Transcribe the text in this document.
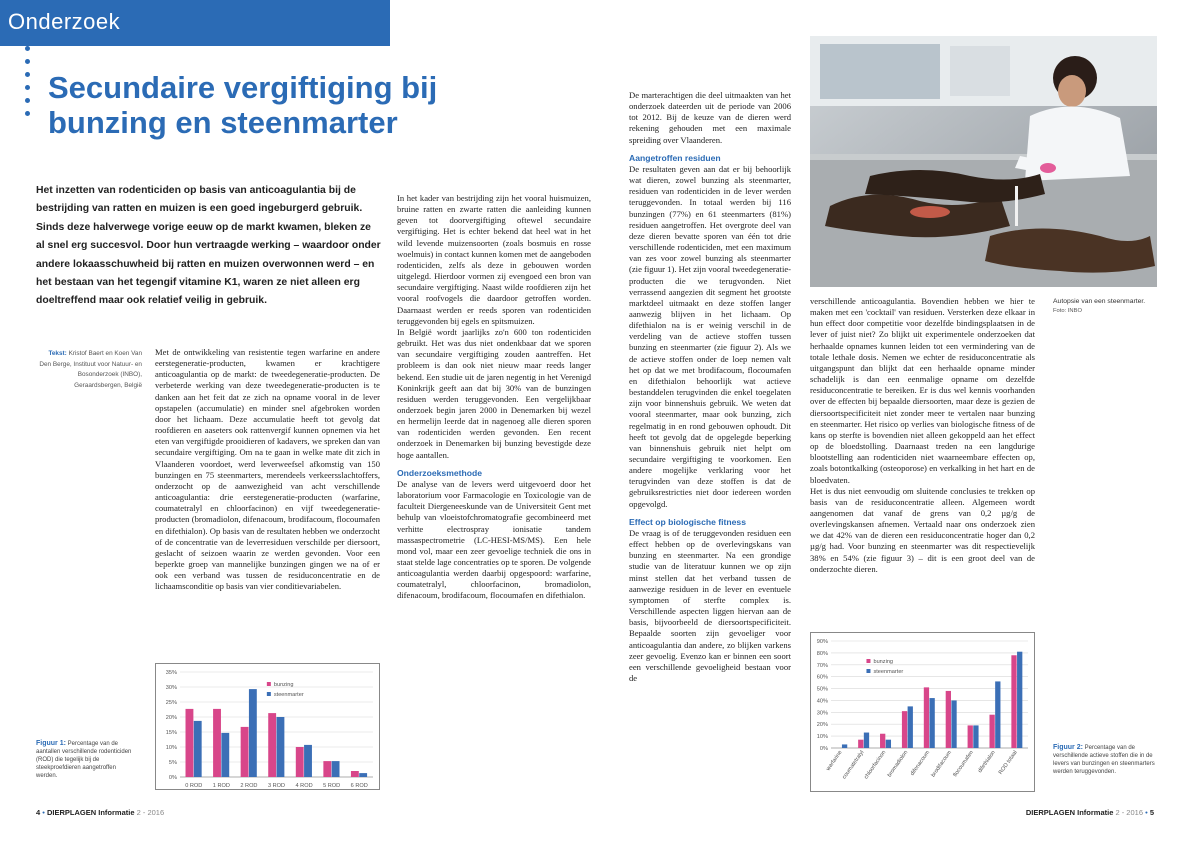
Onderzoek
Secundaire vergiftiging bij
bunzing en steenmarter

Het inzetten van rodenticiden op basis van anticoagulantia bij de bestrijding van ratten en muizen is een goed ingeburgerd gebruik. Sinds deze halverwege vorige eeuw op de markt kwamen, bleken ze al snel erg succesvol. Door hun vertraagde werking – waardoor onder andere lokaasschuwheid bij ratten en muizen overwonnen werd – en het bestaan van het tegengif vitamine K1, waren ze niet alleen erg doeltreffend maar ook relatief veilig in gebruik.

Tekst: Kristof Baert en Koen Van Den Berge, Instituut voor Natuur- en Bosonderzoek (INBO), Geraardsbergen, België

Met de ontwikkeling van resistentie tegen warfarine en andere eerstegeneratie-producten, kwamen er krachtigere anticoagulantia op de markt: de tweedegeneratie-producten. De verbeterde werking van deze tweedegeneratie-producten is te danken aan het feit dat ze zich na opname vooral in de lever opstapelen (accumulatie) en minder snel afgebroken worden door het lichaam. Deze accumulatie heeft tot gevolg dat roofdieren en aaseters ook rattenvergif kunnen opnemen via het eten van vergiftigde prooidieren of kadavers, we spreken dan van secundaire vergiftiging. Om na te gaan in welke mate dit zich in Vlaanderen voordoet, werd leverweefsel afkomstig van 150 bunzingen en 75 steenmarters, merendeels verkeersslachtoffers, onderzocht op de aanwezigheid van acht verschillende anticoagulantia: drie eerstegeneratie-producten (warfarine, coumatetralyl en chloorfacinon) en vijf tweedegeneratie-producten (bromadiolon, difenacoum, brodifacoum, flocoumafen en difethialon). Op basis van de resultaten hebben we onderzocht of de concentratie van de leverresiduen verschilde per diersoort, geslacht of seizoen waarin ze werden gevonden. Voor een beperkte groep van mannelijke bunzingen gingen we na of er ook een verband was tussen de residuconcentratie en de lichaamsconditie op basis van vier conditievariabelen.

In het kader van bestrijding zijn het vooral huismuizen, bruine ratten en zwarte ratten die aanleiding kunnen geven tot doorvergiftiging oftewel secundaire vergiftiging. Het is echter bekend dat heel wat in het wild levende muizensoorten (zoals bosmuis en rosse woelmuis) in contact kunnen komen met de aangeboden rodenticiden, zelfs als deze in gebouwen worden uitgelegd. Hierdoor vormen zij evengoed een bron van secundaire vergiftiging. Naast wilde roofdieren zijn het vooral roofvogels die daardoor getroffen worden. Daarnaast werden er reeds sporen van rodenticiden teruggevonden bij egels en spitsmuizen.

In België wordt jaarlijks zo'n 600 ton rodenticiden gebruikt. Het was dus niet ondenkbaar dat we sporen van secundaire vergiftiging zouden aantreffen. Het probleem is dan ook niet nieuw maar reeds langer bekend. Een studie uit de jaren negentig in het Verenigd Koninkrijk geeft aan dat bij 30% van de bunzingen residuen werden teruggevonden. Een vergelijkbaar onderzoek begin jaren 2000 in Denemarken bij wezel en hermelijn leerde dat in nagenoeg alle dieren sporen van rodenticiden werden gevonden. Een recent onderzoek in Denemarken bij bunzing bevestigde deze hoge aantallen.

Onderzoeksmethode

De analyse van de levers werd uitgevoerd door het laboratorium voor Farmacologie en Toxicologie van de faculteit Diergeneeskunde van de Universiteit Gent met behulp van vloeistofchromatografie gecombineerd met verhitte electrospray ionisatie tandem massaspectrometrie (LC-HESI-MS/MS). Een hele mond vol, maar een zeer gevoelige techniek die ons in staat stelde lage concentraties op te sporen. De volgende anticoagulantia werden daarbij opgespoord: warfarine, coumatetralyl, chloorfacinon, bromadiolon, difenacoum, brodifacoum, flocoumafen en difethialon.

De marterachtigen die deel uitmaakten van het onderzoek dateerden uit de periode van 2006 tot 2012. Bij de keuze van de dieren werd rekening gehouden met een maximale spreiding over Vlaanderen.

Aangetroffen residuen

De resultaten geven aan dat er bij behoorlijk wat dieren, zowel bunzing als steenmarter, residuen van rodenticiden in de lever werden teruggevonden. In totaal werden bij 116 bunzingen (77%) en 61 steenmarters (81%) residuen aangetroffen. Het overgrote deel van deze dieren bevatte sporen van één tot drie verschillende rodenticiden, met een maximum van zes voor zowel bunzing als steenmarter (zie figuur 1). Het zijn vooral tweedegeneratie-producten die we terugvonden. Niet verrassend aangezien dit segment het grootste marktdeel uitmaakt en deze stoffen langer aanwezig blijven in het lichaam. Op difethialon na is er weinig verschil in de verdeling van de actieve stoffen tussen bunzing en steenmarter (zie figuur 2). Als we de actieve stoffen onder de loep nemen valt het op dat we met brodifacoum, flocoumafen en difethialon behoorlijk wat actieve bestanddelen terugvinden die enkel toegelaten zijn voor binnenshuis gebruik. We weten dat vooral steenmarter, maar ook bunzing, zich regelmatig in en rond gebouwen ophoudt. Dit heeft tot gevolg dat de opgelegde beperking van binnenshuis gebruik niet helpt om secundaire vergiftiging te voorkomen. Een andere mogelijke verklaring voor het terugvinden van deze stoffen is dat de gebruiksrestricties niet door iedereen worden opgevolgd.

Effect op biologische fitness

De vraag is of de teruggevonden residuen een effect hebben op de overlevingskans van bunzing en steenmarter. Na een grondige studie van de literatuur kunnen we op zijn minst stellen dat het verband tussen de aanwezige residuen in de lever en eventuele symptomen of sterfte complex is. Verschillende aspecten liggen hiervan aan de basis, bijvoorbeeld de diersoortspecificiteit. Bepaalde soorten zijn gevoeliger voor anticoagulantia dan andere, zo blijken varkens zeer gevoelig. Evenzo kan er binnen een soort een verschillende gevoeligheid bestaan voor de

verschillende anticoagulantia. Bovendien hebben we hier te maken met een 'cocktail' van residuen. Versterken deze elkaar in hun effect door competitie voor dezelfde bindingsplaatsen in de lever of juist niet? Zo blijkt uit experimentele onderzoeken dat herhaalde opnames kunnen leiden tot een vermindering van de totale lethale dosis. Nemen we echter de residuconcentratie als uitgangspunt dan blijkt dat een herhaalde opname minder schadelijk is dan een eenmalige opname om dezelfde residuconcentratie te bereiken. Er is dus wel kennis voorhanden over de effecten bij bepaalde diersoorten, maar deze is gezien de diersoortspecificiteit niet zonder meer te vertalen naar bunzing en steenmarter. Het risico op verlies van biologische fitness of de kans op sterfte is bovendien niet alleen gekoppeld aan het effect op de bloedstolling. Daarnaast treden na een langdurige blootstelling aan rodenticiden niet waarneembare effecten op, zoals botontkalking (osteoporose) en verkalking in het hart en de bloedvaten.

Het is dus niet eenvoudig om sluitende conclusies te trekken op basis van de residuconcentratie alleen. Algemeen wordt aangenomen dat vanaf de grens van 0,2 µg/g de overlevingskansen afnemen. Vertaald naar ons onderzoek zien we dat 42% van de dieren een residuconcentratie hoger dan 0,2 µg/g had. Voor bunzing en steenmarter was dit respectievelijk 38% en 54% (zie figuur 3) – dit is een groot deel van de onderzochte dieren.

Autopsie van een steenmarter. Foto: INBO
0%
5%
10%
15%
20%
25%
30%
35%
0 ROD 1 ROD 2 ROD 3 ROD 4 ROD 5 ROD 6 ROD
bunzing
steenmarter
Figuur 1: Percentage van de aantallen verschillende rodenticiden (ROD) die tegelijk bij de steekproefdieren aangetroffen werden.
0%
10%
20%
30%
40%
50%
60%
70%
80%
90%
warfarine
coumatetralyl
chloorfacinon bromadiolon difenacoum brodifacoum flocoumafen difethialon ROD totaal
bunzing
steenmarter
Figuur 2: Percentage van de verschillende actieve stoffen die in de levers van bunzingen en steenmarters werden teruggevonden.
4 • DIERPLAGEN Informatie 2 - 2016	DIERPLAGEN Informatie 2 - 2016 • 5
